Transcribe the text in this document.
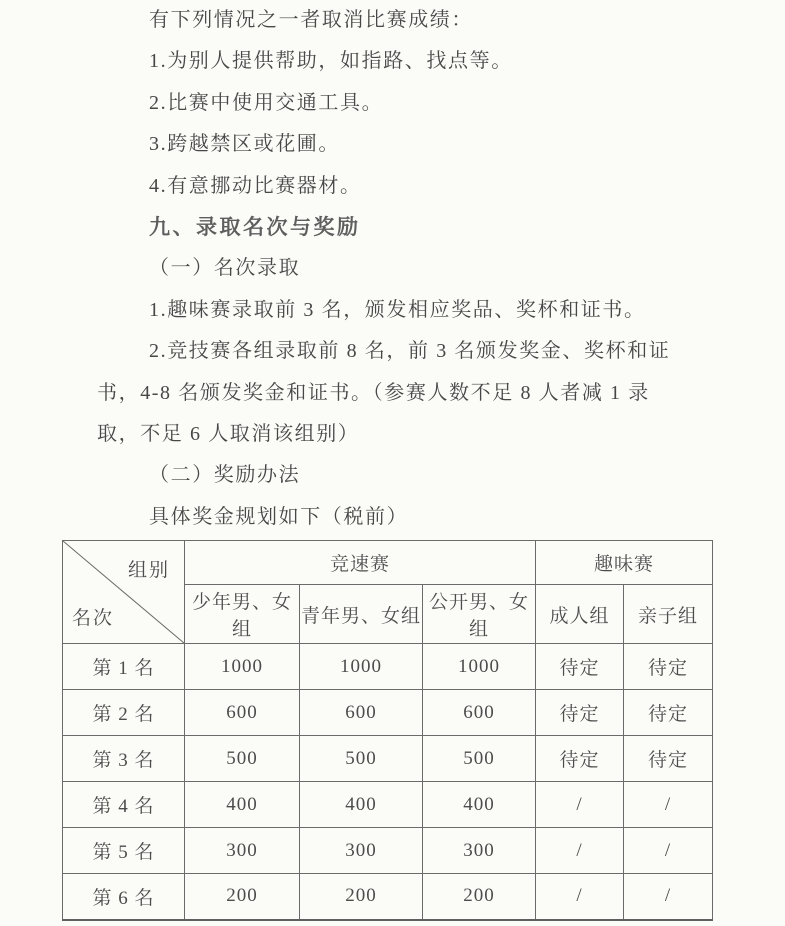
有下列情况之一者取消比赛成绩：
1.为别人提供帮助，如指路、找点等。
2.比赛中使用交通工具。
3.跨越禁区或花圃。
4.有意挪动比赛器材。
九、录取名次与奖励
（一）名次录取
1.趣味赛录取前 3 名，颁发相应奖品、奖杯和证书。
2.竞技赛各组录取前 8 名，前 3 名颁发奖金、奖杯和证
书，4-8 名颁发奖金和证书。（参赛人数不足 8 人者减 1 录
取，不足 6 人取消该组别）
（二）奖励办法
具体奖金规划如下（税前）
组别
名次	竞速赛			趣味赛	
	少年男、女组	青年男、女组	公开男、女组	成人组	亲子组
第 1 名	1000	1000	1000	待定	待定
第 2 名	600	600	600	待定	待定
第 3 名	500	500	500	待定	待定
第 4 名	400	400	400	/	/
第 5 名	300	300	300	/	/
第 6 名	200	200	200	/	/
